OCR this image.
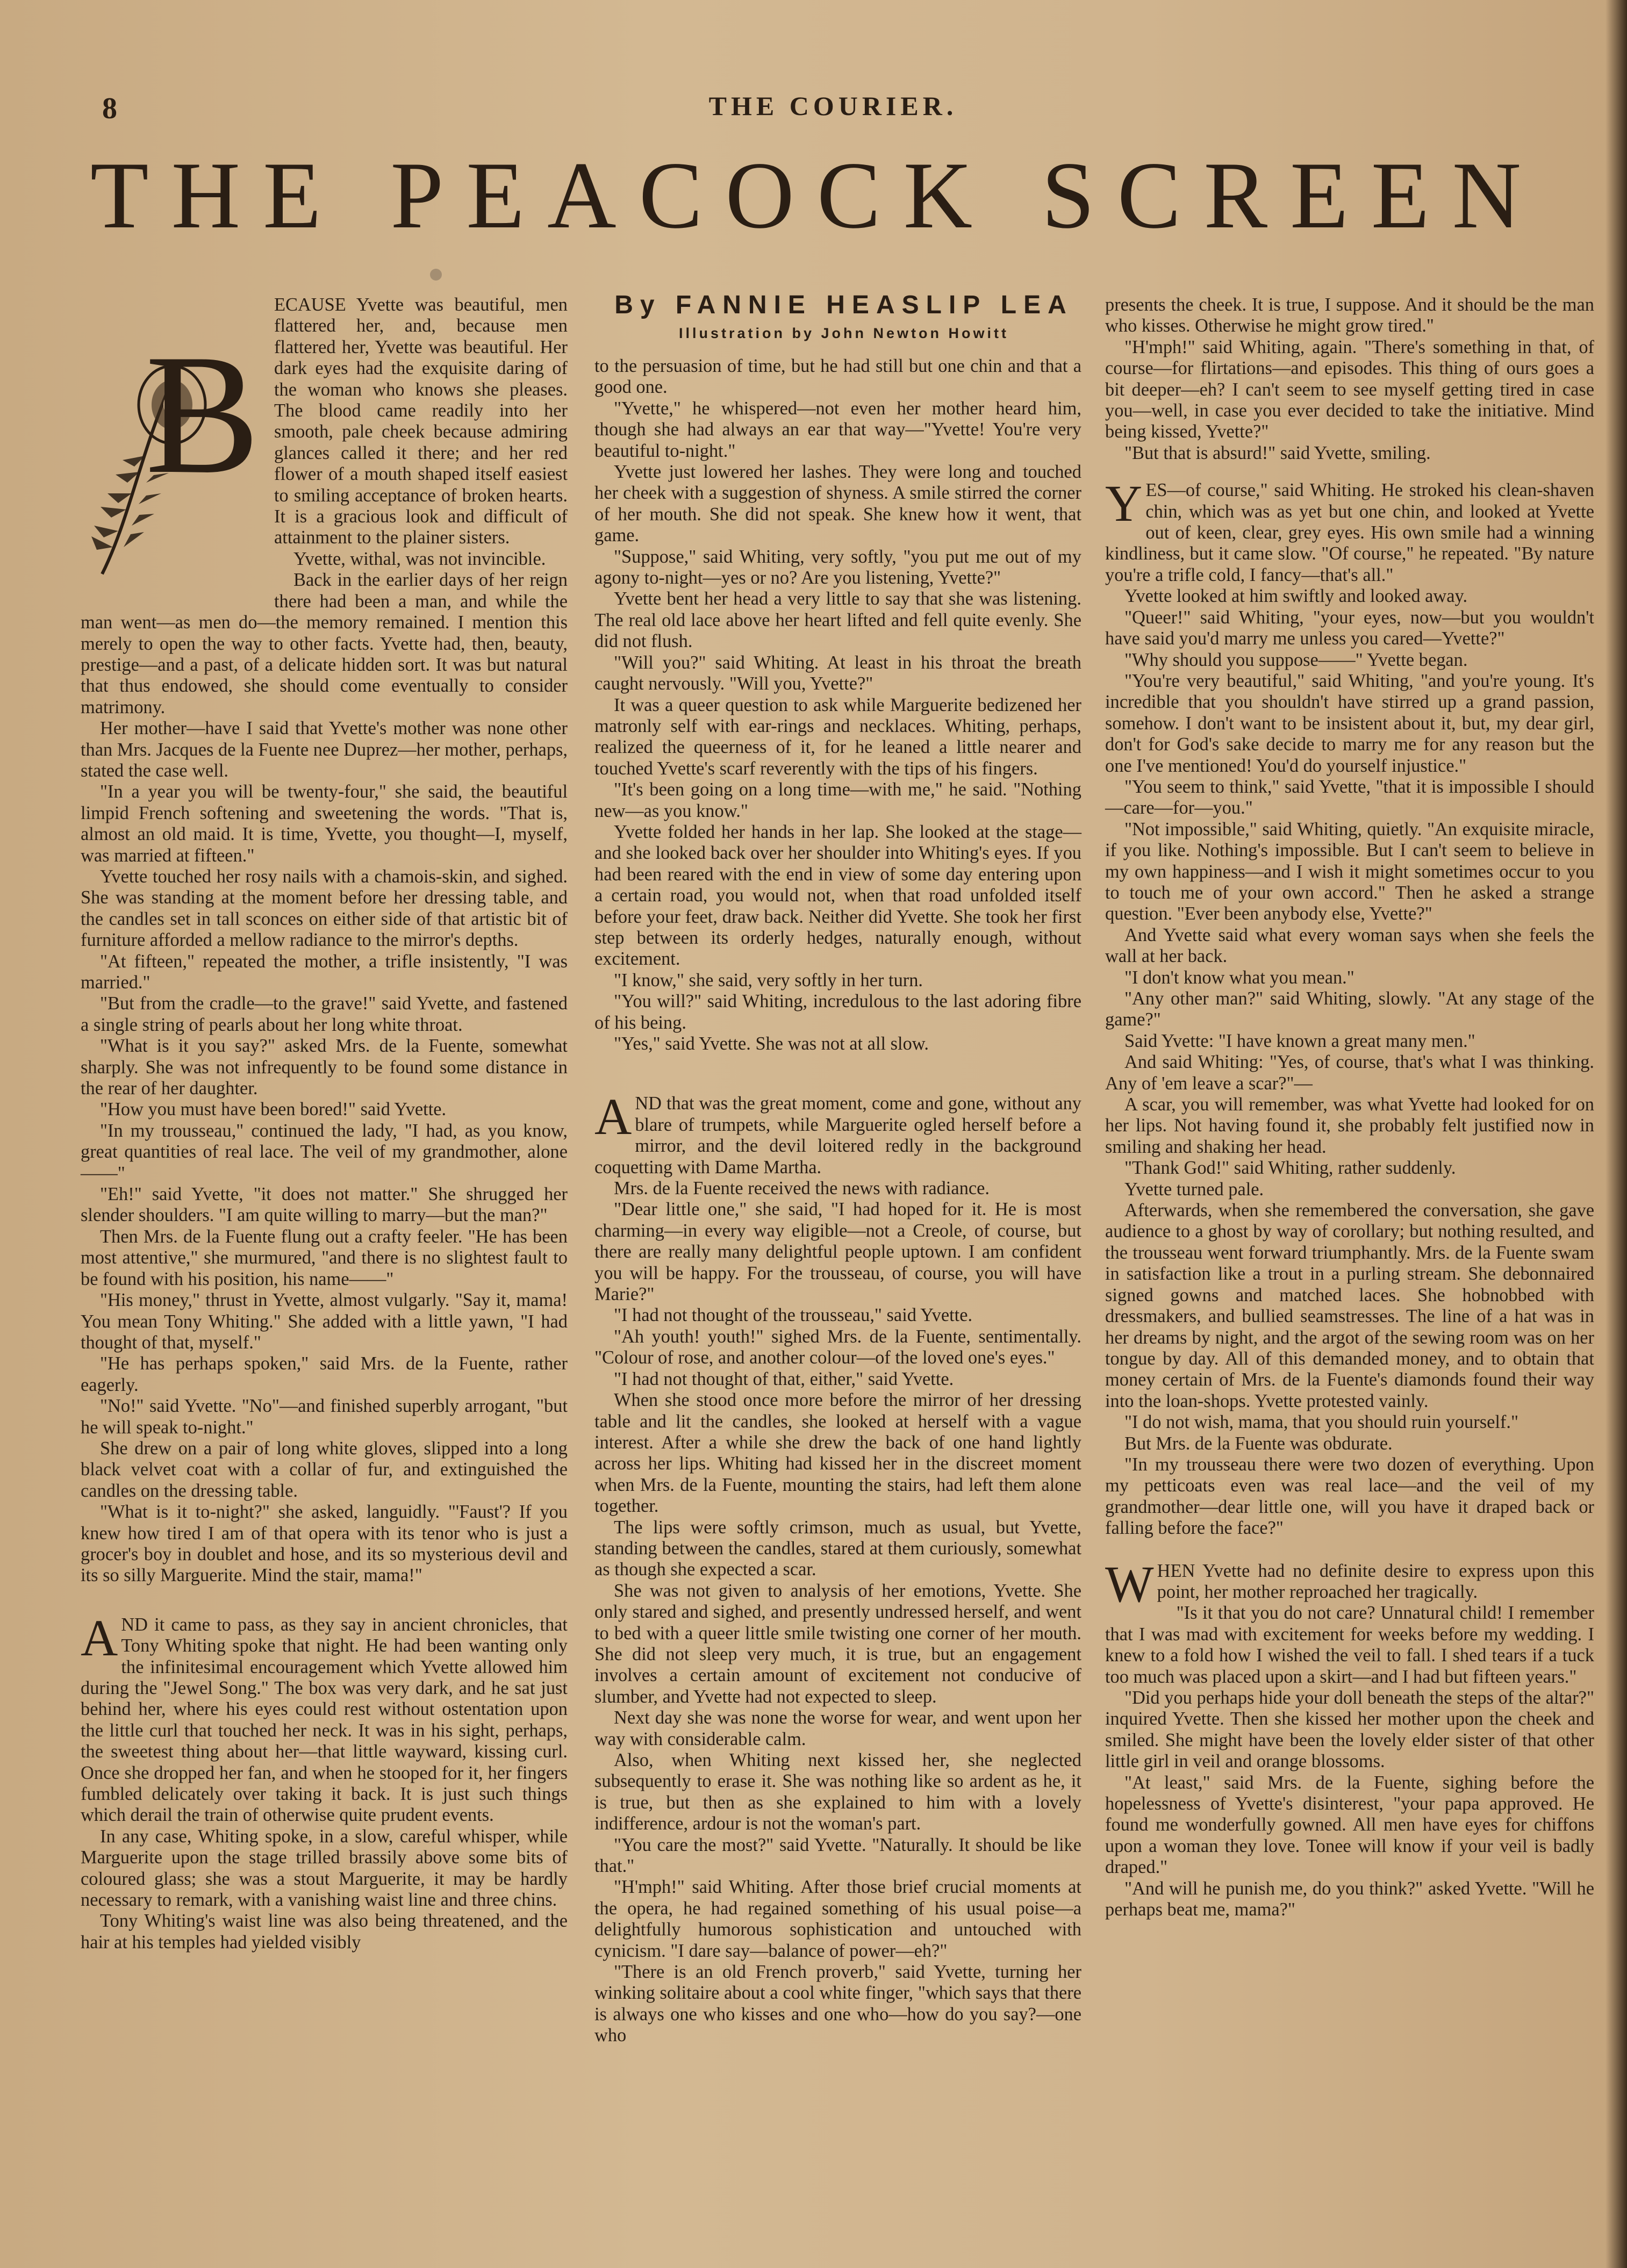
8	THE COURIER.
THE PEACOCK SCREEN
By FANNIE HEASLIP LEA
Illustration by John Newton Howitt
B

ECAUSE Yvette was beautiful, men flattered her, and, because men flattered her, Yvette was beautiful. Her dark eyes had the exquisite daring of the woman who knows she pleases. The blood came readily into her smooth, pale cheek because admiring glances called it there; and her red flower of a mouth shaped itself easiest to smiling acceptance of broken hearts. It is a gracious look and difficult of attainment to the plainer sisters.

Yvette, withal, was not invincible.

Back in the earlier days of her reign there had been a man, and while the man went—as men do—the memory remained. I mention this merely to open the way to other facts. Yvette had, then, beauty, prestige—and a past, of a delicate hidden sort. It was but natural that thus endowed, she should come eventually to consider matrimony.

Her mother—have I said that Yvette's mother was none other than Mrs. Jacques de la Fuente nee Duprez—her mother, perhaps, stated the case well.

"In a year you will be twenty-four," she said, the beautiful limpid French softening and sweetening the words. "That is, almost an old maid. It is time, Yvette, you thought—I, myself, was married at fifteen."

Yvette touched her rosy nails with a chamois-skin, and sighed. She was standing at the moment before her dressing table, and the candles set in tall sconces on either side of that artistic bit of furniture afforded a mellow radiance to the mirror's depths.

"At fifteen," repeated the mother, a trifle insistently, "I was married."

"But from the cradle—to the grave!" said Yvette, and fastened a single string of pearls about her long white throat.

"What is it you say?" asked Mrs. de la Fuente, somewhat sharply. She was not infrequently to be found some distance in the rear of her daughter.

"How you must have been bored!" said Yvette.

"In my trousseau," continued the lady, "I had, as you know, great quantities of real lace. The veil of my grandmother, alone——"

"Eh!" said Yvette, "it does not matter." She shrugged her slender shoulders. "I am quite willing to marry—but the man?"

Then Mrs. de la Fuente flung out a crafty feeler. "He has been most attentive," she murmured, "and there is no slightest fault to be found with his position, his name——"

"His money," thrust in Yvette, almost vulgarly. "Say it, mama! You mean Tony Whiting." She added with a little yawn, "I had thought of that, myself."

"He has perhaps spoken," said Mrs. de la Fuente, rather eagerly.

"No!" said Yvette. "No"—and finished superbly arrogant, "but he will speak to-night."

She drew on a pair of long white gloves, slipped into a long black velvet coat with a collar of fur, and extinguished the candles on the dressing table.

"What is it to-night?" she asked, languidly. "'Faust'? If you knew how tired I am of that opera with its tenor who is just a grocer's boy in doublet and hose, and its so mysterious devil and its so silly Marguerite. Mind the stair, mama!"

A ND it came to pass, as they say in ancient chronicles, that Tony Whiting spoke that night. He had been wanting only the infinitesimal encouragement which Yvette allowed him during the "Jewel Song." The box was very dark, and he sat just behind her, where his eyes could rest without ostentation upon the little curl that touched her neck. It was in his sight, perhaps, the sweetest thing about her—that little wayward, kissing curl. Once she dropped her fan, and when he stooped for it, her fingers fumbled delicately over taking it back. It is just such things which derail the train of otherwise quite prudent events.

In any case, Whiting spoke, in a slow, careful whisper, while Marguerite upon the stage trilled brassily above some bits of coloured glass; she was a stout Marguerite, it may be hardly necessary to remark, with a vanishing waist line and three chins.

Tony Whiting's waist line was also being threatened, and the hair at his temples had yielded visibly

to the persuasion of time, but he had still but one chin and that a good one.

"Yvette," he whispered—not even her mother heard him, though she had always an ear that way—"Yvette! You're very beautiful to-night."

Yvette just lowered her lashes. They were long and touched her cheek with a suggestion of shyness. A smile stirred the corner of her mouth. She did not speak. She knew how it went, that game.

"Suppose," said Whiting, very softly, "you put me out of my agony to-night—yes or no? Are you listening, Yvette?"

Yvette bent her head a very little to say that she was listening. The real old lace above her heart lifted and fell quite evenly. She did not flush.

"Will you?" said Whiting. At least in his throat the breath caught nervously. "Will you, Yvette?"

It was a queer question to ask while Marguerite bedizened her matronly self with ear-rings and necklaces. Whiting, perhaps, realized the queerness of it, for he leaned a little nearer and touched Yvette's scarf reverently with the tips of his fingers.

"It's been going on a long time—with me," he said. "Nothing new—as you know."

Yvette folded her hands in her lap. She looked at the stage—and she looked back over her shoulder into Whiting's eyes. If you had been reared with the end in view of some day entering upon a certain road, you would not, when that road unfolded itself before your feet, draw back. Neither did Yvette. She took her first step between its orderly hedges, naturally enough, without excitement.

"I know," she said, very softly in her turn.

"You will?" said Whiting, incredulous to the last adoring fibre of his being.

"Yes," said Yvette. She was not at all slow.

A ND that was the great moment, come and gone, without any blare of trumpets, while Marguerite ogled herself before a mirror, and the devil loitered redly in the background coquetting with Dame Martha.

Mrs. de la Fuente received the news with radiance.

"Dear little one," she said, "I had hoped for it. He is most charming—in every way eligible—not a Creole, of course, but there are really many delightful people uptown. I am confident you will be happy. For the trousseau, of course, you will have Marie?"

"I had not thought of the trousseau," said Yvette.

"Ah youth! youth!" sighed Mrs. de la Fuente, sentimentally. "Colour of rose, and another colour—of the loved one's eyes."

"I had not thought of that, either," said Yvette.

When she stood once more before the mirror of her dressing table and lit the candles, she looked at herself with a vague interest. After a while she drew the back of one hand lightly across her lips. Whiting had kissed her in the discreet moment when Mrs. de la Fuente, mounting the stairs, had left them alone together.

The lips were softly crimson, much as usual, but Yvette, standing between the candles, stared at them curiously, somewhat as though she expected a scar.

She was not given to analysis of her emotions, Yvette. She only stared and sighed, and presently undressed herself, and went to bed with a queer little smile twisting one corner of her mouth. She did not sleep very much, it is true, but an engagement involves a certain amount of excitement not conducive of slumber, and Yvette had not expected to sleep.

Next day she was none the worse for wear, and went upon her way with considerable calm.

Also, when Whiting next kissed her, she neglected subsequently to erase it. She was nothing like so ardent as he, it is true, but then as she explained to him with a lovely indifference, ardour is not the woman's part.

"You care the most?" said Yvette. "Naturally. It should be like that."

"H'mph!" said Whiting. After those brief crucial moments at the opera, he had regained something of his usual poise—a delightfully humorous sophistication and untouched with cynicism. "I dare say—balance of power—eh?"

"There is an old French proverb," said Yvette, turning her winking solitaire about a cool white finger, "which says that there is always one who kisses and one who—how do you say?—one who

presents the cheek. It is true, I suppose. And it should be the man who kisses. Otherwise he might grow tired."

"H'mph!" said Whiting, again. "There's something in that, of course—for flirtations—and episodes. This thing of ours goes a bit deeper—eh? I can't seem to see myself getting tired in case you—well, in case you ever decided to take the initiative. Mind being kissed, Yvette?"

"But that is absurd!" said Yvette, smiling.

Y ES—of course," said Whiting. He stroked his clean-shaven chin, which was as yet but one chin, and looked at Yvette out of keen, clear, grey eyes. His own smile had a winning kindliness, but it came slow. "Of course," he repeated. "By nature you're a trifle cold, I fancy—that's all."

Yvette looked at him swiftly and looked away.

"Queer!" said Whiting, "your eyes, now—but you wouldn't have said you'd marry me unless you cared—Yvette?"

"Why should you suppose——" Yvette began.

"You're very beautiful," said Whiting, "and you're young. It's incredible that you shouldn't have stirred up a grand passion, somehow. I don't want to be insistent about it, but, my dear girl, don't for God's sake decide to marry me for any reason but the one I've mentioned! You'd do yourself injustice."

"You seem to think," said Yvette, "that it is impossible I should—care—for—you."

"Not impossible," said Whiting, quietly. "An exquisite miracle, if you like. Nothing's impossible. But I can't seem to believe in my own happiness—and I wish it might sometimes occur to you to touch me of your own accord." Then he asked a strange question. "Ever been anybody else, Yvette?"

And Yvette said what every woman says when she feels the wall at her back.

"I don't know what you mean."

"Any other man?" said Whiting, slowly. "At any stage of the game?"

Said Yvette: "I have known a great many men."

And said Whiting: "Yes, of course, that's what I was thinking. Any of 'em leave a scar?"—

A scar, you will remember, was what Yvette had looked for on her lips. Not having found it, she probably felt justified now in smiling and shaking her head.

"Thank God!" said Whiting, rather suddenly.

Yvette turned pale.

Afterwards, when she remembered the conversation, she gave audience to a ghost by way of corollary; but nothing resulted, and the trousseau went forward triumphantly. Mrs. de la Fuente swam in satisfaction like a trout in a purling stream. She debonnaired signed gowns and matched laces. She hobnobbed with dressmakers, and bullied seamstresses. The line of a hat was in her dreams by night, and the argot of the sewing room was on her tongue by day. All of this demanded money, and to obtain that money certain of Mrs. de la Fuente's diamonds found their way into the loan-shops. Yvette protested vainly.

"I do not wish, mama, that you should ruin yourself."

But Mrs. de la Fuente was obdurate.

"In my trousseau there were two dozen of everything. Upon my petticoats even was real lace—and the veil of my grandmother—dear little one, will you have it draped back or falling before the face?"

W HEN Yvette had no definite desire to express upon this point, her mother reproached her tragically.

"Is it that you do not care? Unnatural child! I remember that I was mad with excitement for weeks before my wedding. I knew to a fold how I wished the veil to fall. I shed tears if a tuck too much was placed upon a skirt—and I had but fifteen years."

"Did you perhaps hide your doll beneath the steps of the altar?" inquired Yvette. Then she kissed her mother upon the cheek and smiled. She might have been the lovely elder sister of that other little girl in veil and orange blossoms.

"At least," said Mrs. de la Fuente, sighing before the hopelessness of Yvette's disinterest, "your papa approved. He found me wonderfully gowned. All men have eyes for chiffons upon a woman they love. Tonee will know if your veil is badly draped."

"And will he punish me, do you think?" asked Yvette. "Will he perhaps beat me, mama?"
